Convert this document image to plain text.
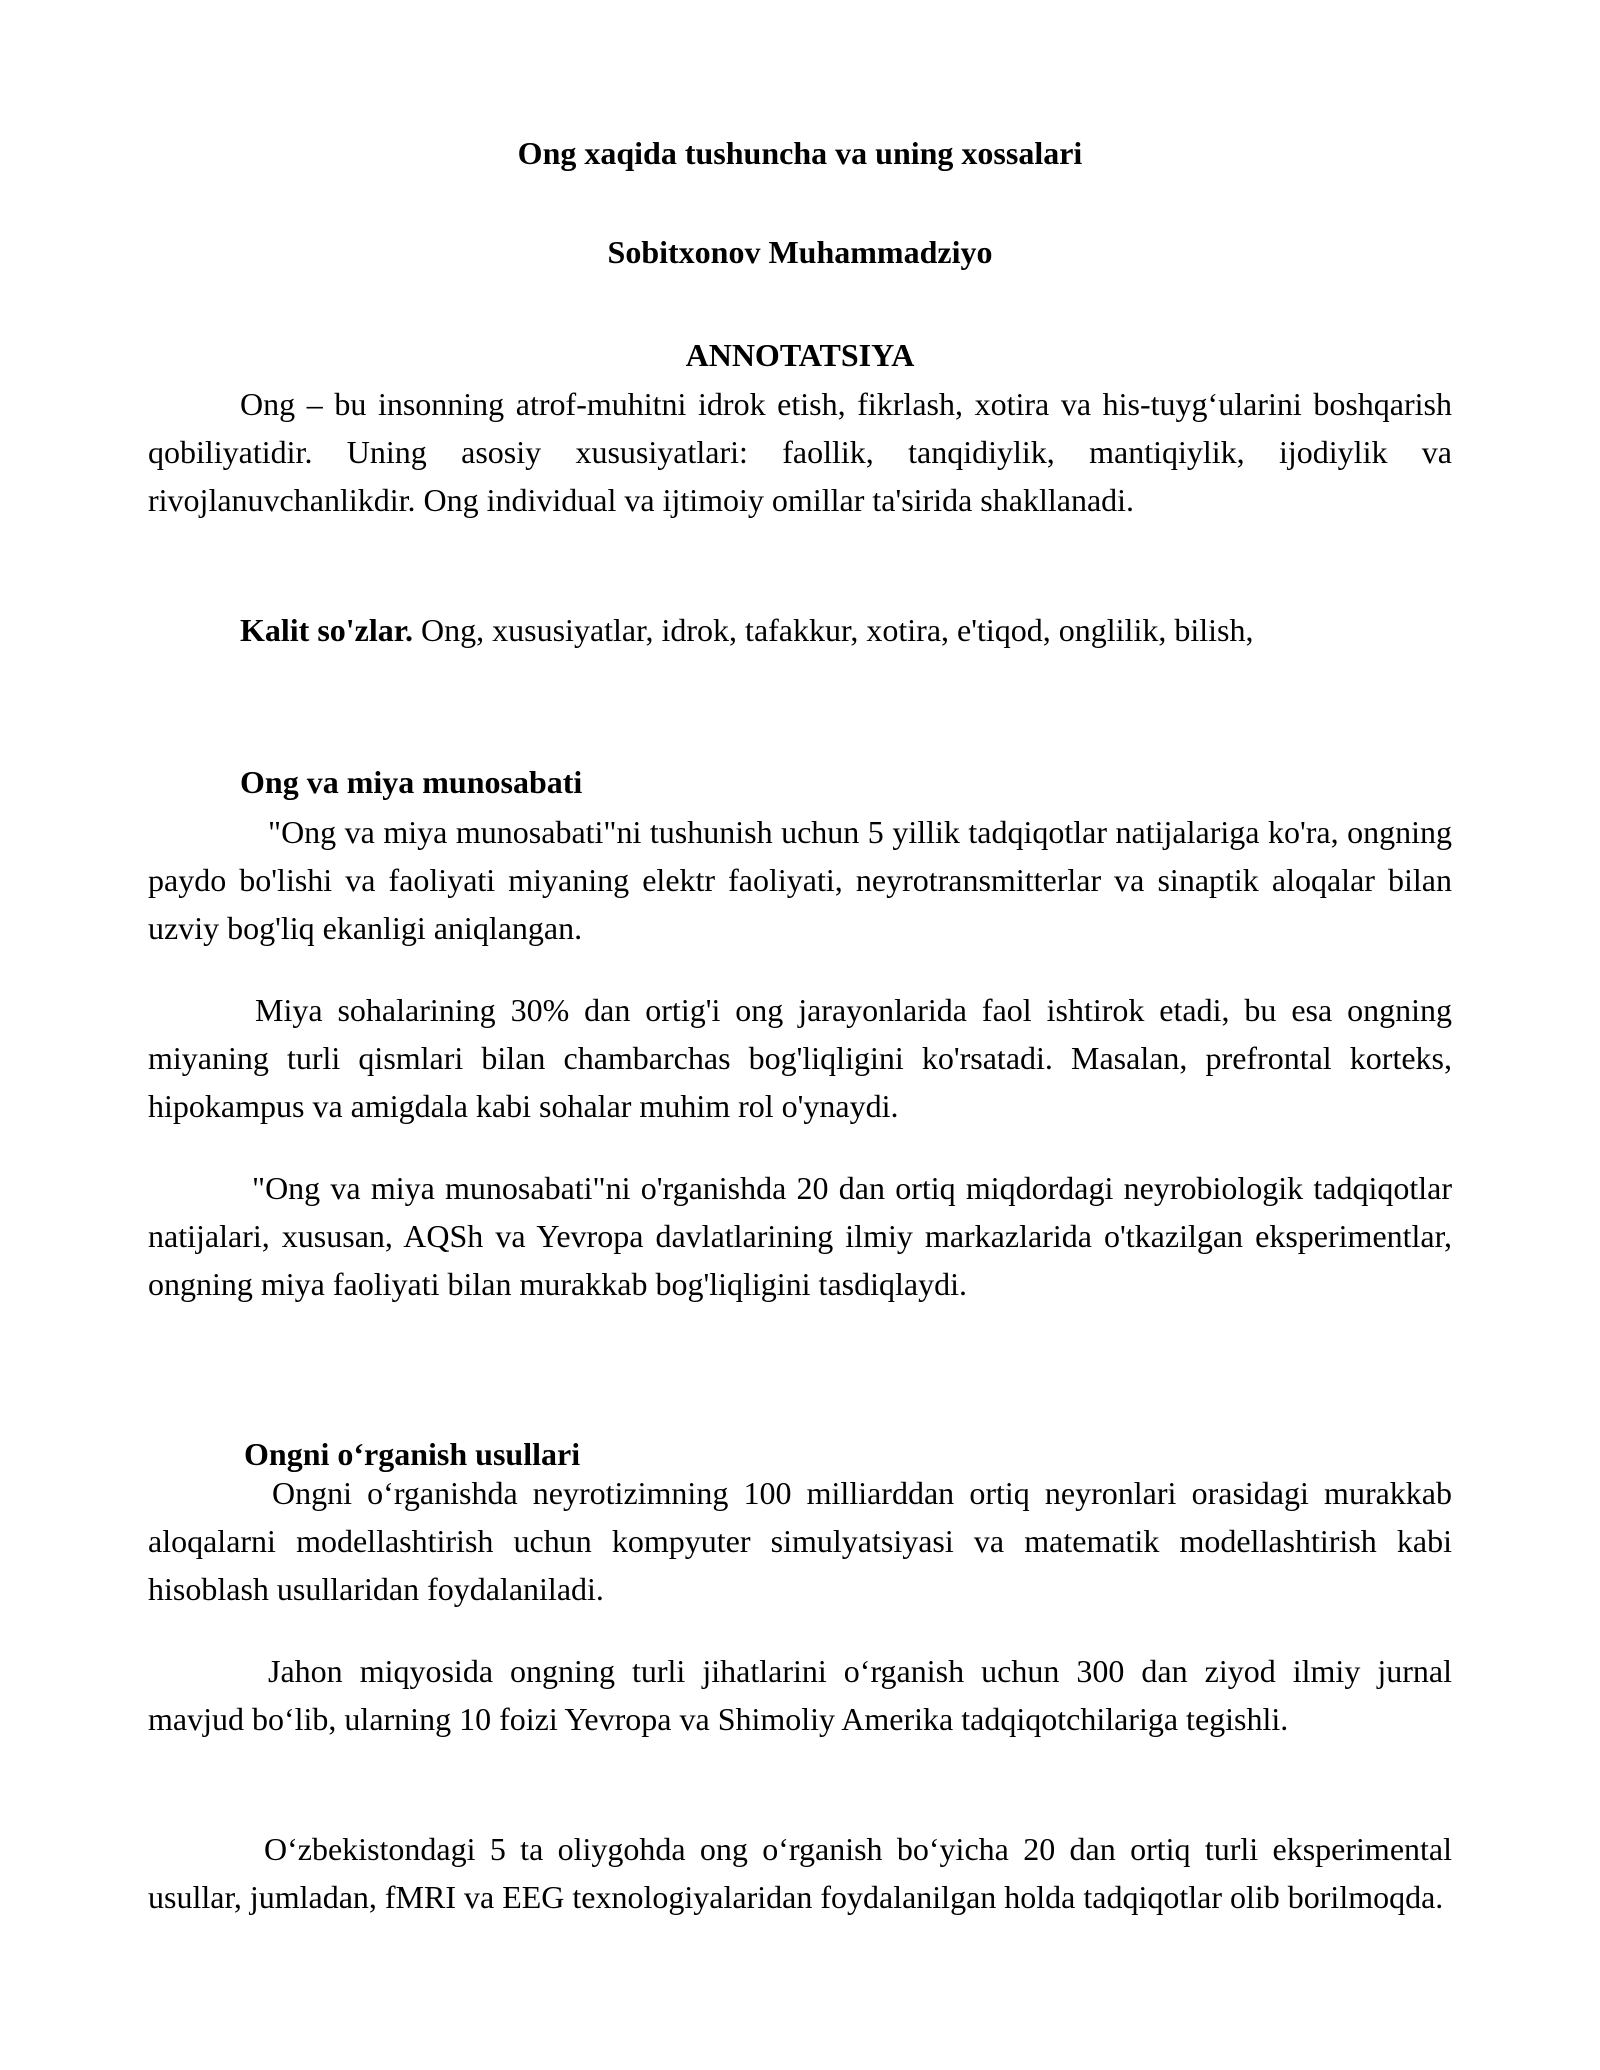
Ong xaqida tushuncha va uning xossalari
Sobitxonov Muhammadziyo
ANNOTATSIYA
Ong – bu insonning atrof-muhitni idrok etish, fikrlash, xotira va his-tuyg‘ularini boshqarish qobiliyatidir. Uning asosiy xususiyatlari: faollik, tanqidiylik, mantiqiylik, ijodiylik va rivojlanuvchanlikdir. Ong individual va ijtimoiy omillar ta'sirida shakllanadi.
Kalit so'zlar. Ong, xususiyatlar, idrok, tafakkur, xotira, e'tiqod, onglilik, bilish,
Ong va miya munosabati
"Ong va miya munosabati"ni tushunish uchun 5 yillik tadqiqotlar natijalariga ko'ra, ongning paydo bo'lishi va faoliyati miyaning elektr faoliyati, neyrotransmitterlar va sinaptik aloqalar bilan uzviy bog'liq ekanligi aniqlangan.
Miya sohalarining 30% dan ortig'i ong jarayonlarida faol ishtirok etadi, bu esa ongning miyaning turli qismlari bilan chambarchas bog'liqligini ko'rsatadi. Masalan, prefrontal korteks, hipokampus va amigdala kabi sohalar muhim rol o'ynaydi.
"Ong va miya munosabati"ni o'rganishda 20 dan ortiq miqdordagi neyrobiologik tadqiqotlar natijalari, xususan, AQSh va Yevropa davlatlarining ilmiy markazlarida o'tkazilgan eksperimentlar, ongning miya faoliyati bilan murakkab bog'liqligini tasdiqlaydi.
Ongni o‘rganish usullari
Ongni o‘rganishda neyrotizimning 100 milliarddan ortiq neyronlari orasidagi murakkab aloqalarni modellashtirish uchun kompyuter simulyatsiyasi va matematik modellashtirish kabi hisoblash usullaridan foydalaniladi.
Jahon miqyosida ongning turli jihatlarini o‘rganish uchun 300 dan ziyod ilmiy jurnal mavjud bo‘lib, ularning 10 foizi Yevropa va Shimoliy Amerika tadqiqotchilariga tegishli.
O‘zbekistondagi 5 ta oliygohda ong o‘rganish bo‘yicha 20 dan ortiq turli eksperimental usullar, jumladan, fMRI va EEG texnologiyalaridan foydalanilgan holda tadqiqotlar olib borilmoqda.
